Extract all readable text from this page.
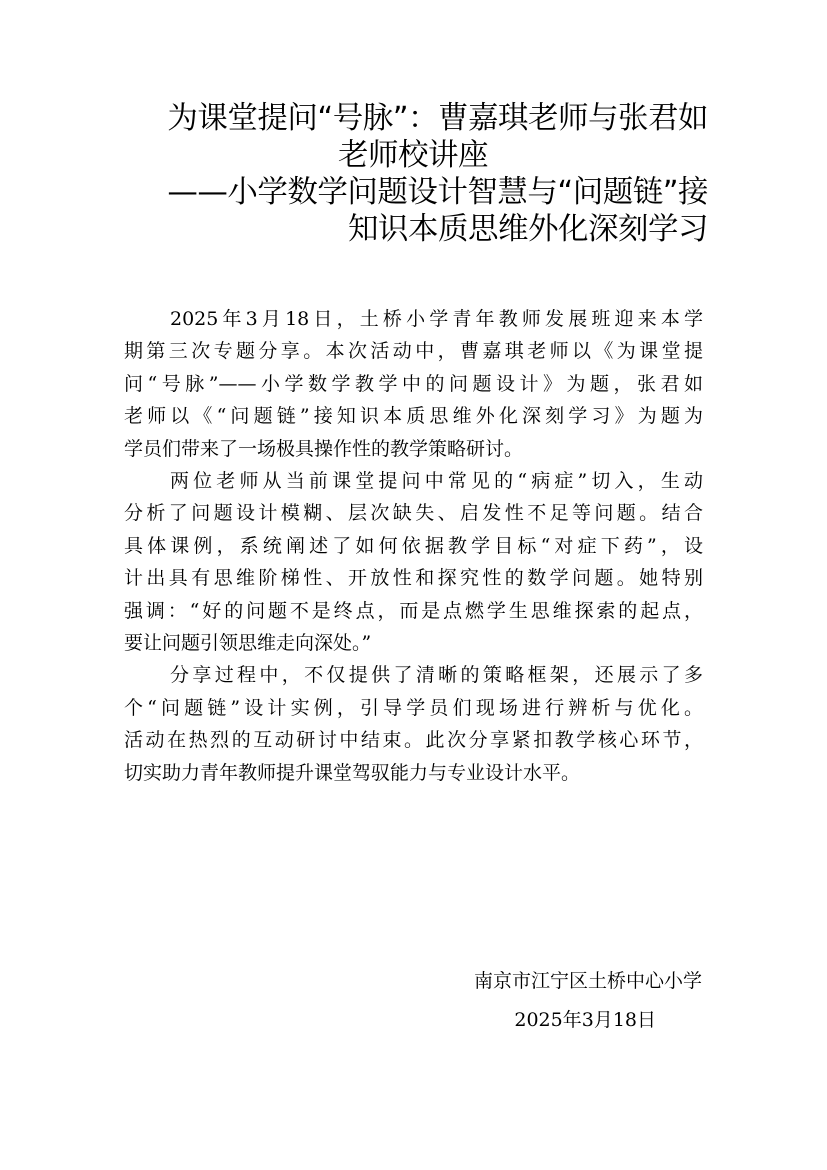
为课堂提问“号脉”：曹嘉琪老师与张君如
老师校讲座
——小学数学问题设计智慧与“问题链”接
知识本质思维外化深刻学习
2025年3月18日，土桥小学青年教师发展班迎来本学
期第三次专题分享。本次活动中，曹嘉琪老师以《为课堂提
问“号脉”——小学数学教学中的问题设计》为题，张君如
老师以《“问题链”接知识本质思维外化深刻学习》为题为
学员们带来了一场极具操作性的教学策略研讨。
两位老师从当前课堂提问中常见的“病症”切入，生动
分析了问题设计模糊、层次缺失、启发性不足等问题。结合
具体课例，系统阐述了如何依据教学目标“对症下药”，设
计出具有思维阶梯性、开放性和探究性的数学问题。她特别
强调：“好的问题不是终点，而是点燃学生思维探索的起点，
要让问题引领思维走向深处。”
分享过程中，不仅提供了清晰的策略框架，还展示了多
个“问题链”设计实例，引导学员们现场进行辨析与优化。
活动在热烈的互动研讨中结束。此次分享紧扣教学核心环节，
切实助力青年教师提升课堂驾驭能力与专业设计水平。
南京市江宁区土桥中心小学
2025年3月18日
